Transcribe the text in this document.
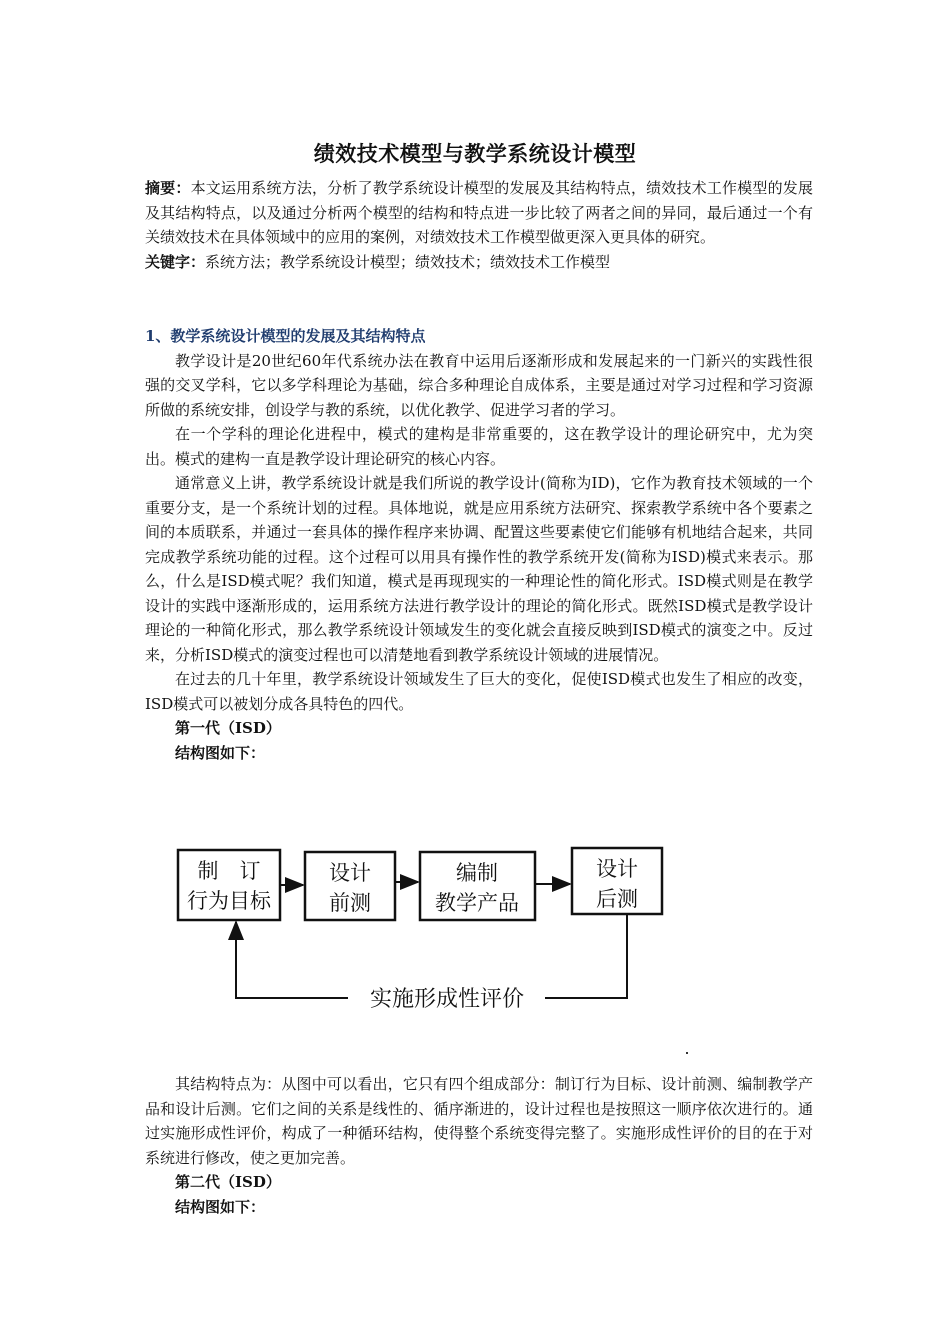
绩效技术模型与教学系统设计模型

摘要：本文运用系统方法，分析了教学系统设计模型的发展及其结构特点，绩效技术工作模型的发展及其结构特点，以及通过分析两个模型的结构和特点进一步比较了两者之间的异同，最后通过一个有关绩效技术在具体领域中的应用的案例，对绩效技术工作模型做更深入更具体的研究。

关键字：系统方法；教学系统设计模型；绩效技术；绩效技术工作模型

1、教学系统设计模型的发展及其结构特点

教学设计是20世纪60年代系统办法在教育中运用后逐渐形成和发展起来的一门新兴的实践性很强的交叉学科，它以多学科理论为基础，综合多种理论自成体系，主要是通过对学习过程和学习资源所做的系统安排，创设学与教的系统，以优化教学、促进学习者的学习。

在一个学科的理论化进程中，模式的建构是非常重要的，这在教学设计的理论研究中，尤为突出。模式的建构一直是教学设计理论研究的核心内容。

通常意义上讲，教学系统设计就是我们所说的教学设计(简称为ID)，它作为教育技术领域的一个重要分支，是一个系统计划的过程。具体地说，就是应用系统方法研究、探索教学系统中各个要素之间的本质联系，并通过一套具体的操作程序来协调、配置这些要素使它们能够有机地结合起来，共同完成教学系统功能的过程。这个过程可以用具有操作性的教学系统开发(简称为ISD)模式来表示。那么，什么是ISD模式呢？我们知道，模式是再现现实的一种理论性的简化形式。ISD模式则是在教学设计的实践中逐渐形成的，运用系统方法进行教学设计的理论的简化形式。既然ISD模式是教学设计理论的一种简化形式，那么教学系统设计领域发生的变化就会直接反映到ISD模式的演变之中。反过来，分析ISD模式的演变过程也可以清楚地看到教学系统设计领域的进展情况。

在过去的几十年里，教学系统设计领域发生了巨大的变化，促使ISD模式也发生了相应的改变，ISD模式可以被划分成各具特色的四代。

第一代（ISD）

结构图如下：

制　订
行为目标
设计
前测
编制
教学产品
设计
后测
实施形成性评价

其结构特点为：从图中可以看出，它只有四个组成部分：制订行为目标、设计前测、编制教学产品和设计后测。它们之间的关系是线性的、循序渐进的，设计过程也是按照这一顺序依次进行的。通过实施形成性评价，构成了一种循环结构，使得整个系统变得完整了。实施形成性评价的目的在于对系统进行修改，使之更加完善。

第二代（ISD）

结构图如下：
